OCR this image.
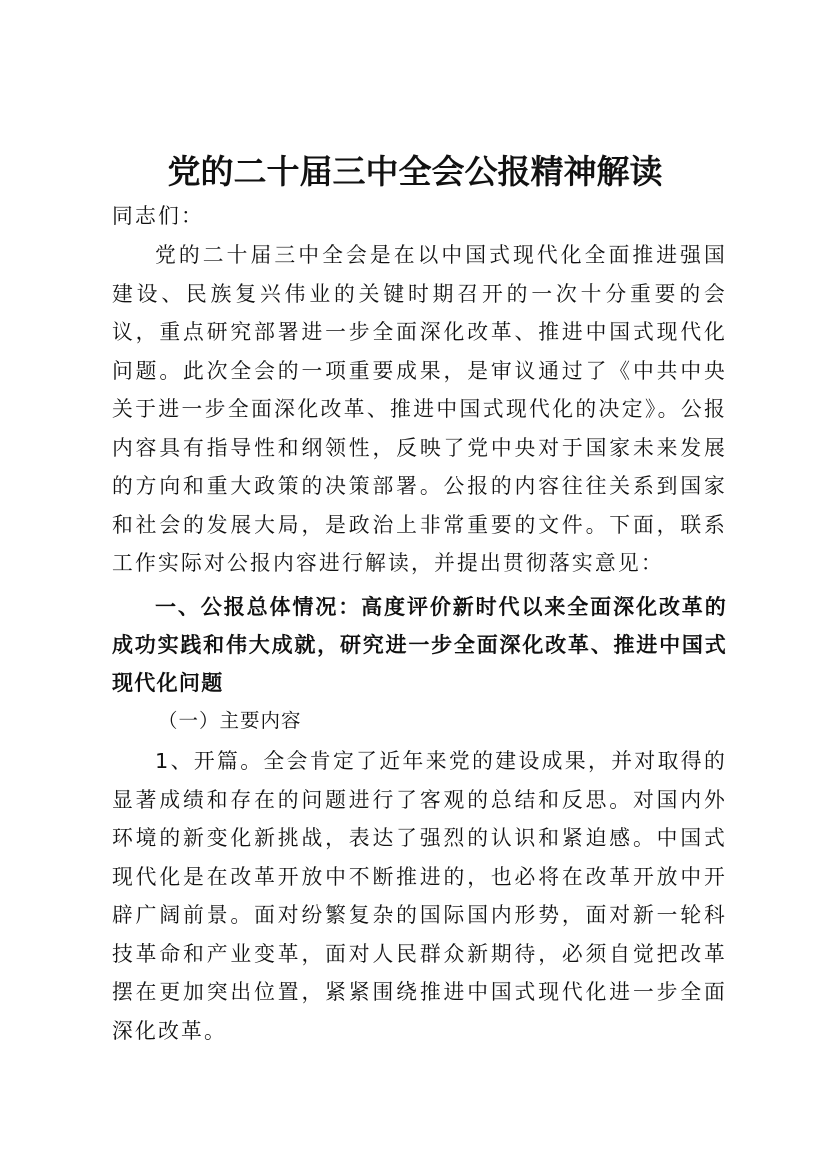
党的二十届三中全会公报精神解读
同志们：
党的二十届三中全会是在以中国式现代化全面推进强国建设、民族复兴伟业的关键时期召开的一次十分重要的会议，重点研究部署进一步全面深化改革、推进中国式现代化问题。此次全会的一项重要成果，是审议通过了《中共中央关于进一步全面深化改革、推进中国式现代化的决定》。公报内容具有指导性和纲领性，反映了党中央对于国家未来发展的方向和重大政策的决策部署。公报的内容往往关系到国家和社会的发展大局，是政治上非常重要的文件。下面，联系工作实际对公报内容进行解读，并提出贯彻落实意见：
一、公报总体情况：高度评价新时代以来全面深化改革的成功实践和伟大成就，研究进一步全面深化改革、推进中国式现代化问题
（一）主要内容
1、开篇。全会肯定了近年来党的建设成果，并对取得的显著成绩和存在的问题进行了客观的总结和反思。对国内外环境的新变化新挑战，表达了强烈的认识和紧迫感。中国式现代化是在改革开放中不断推进的，也必将在改革开放中开辟广阔前景。面对纷繁复杂的国际国内形势，面对新一轮科技革命和产业变革，面对人民群众新期待，必须自觉把改革摆在更加突出位置，紧紧围绕推进中国式现代化进一步全面深化改革。
